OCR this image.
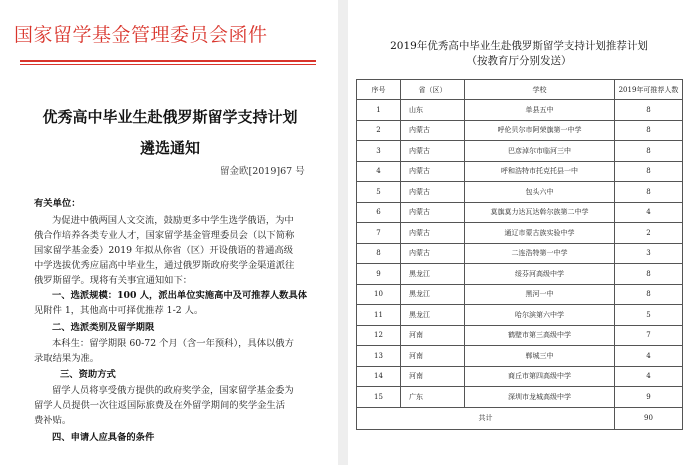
国家留学基金管理委员会函件
优秀高中毕业生赴俄罗斯留学支持计划
遴选通知
留金欧[2019]67 号
有关单位：
为促进中俄两国人文交流，鼓励更多中学生选学俄语，为中
俄合作培养各类专业人才，国家留学基金管理委员会（以下简称
国家留学基金委）2019 年拟从你省（区）开设俄语的普通高级
中学选拔优秀应届高中毕业生，通过俄罗斯政府奖学金渠道派往
俄罗斯留学。现将有关事宜通知如下：
一、选派规模：100 人，派出单位实施高中及可推荐人数具体
见附件 1，其他高中可择优推荐 1-2 人。
二、选派类别及留学期限
本科生：留学期限 60-72 个月（含一年预科），具体以俄方
录取结果为准。
三、资助方式
留学人员将享受俄方提供的政府奖学金，国家留学基金委为
留学人员提供一次往返国际旅费及在外留学期间的奖学金生活
费补贴。
四、申请人应具备的条件
2019年优秀高中毕业生赴俄罗斯留学支持计划推荐计划
（按教育厅分别发送）
序号	省（区）	学校	2019年可推荐人数
1	山东	单县五中	8
2	内蒙古	呼伦贝尔市阿荣旗第一中学	8
3	内蒙古	巴彦淖尔市临河三中	8
4	内蒙古	呼和浩特市托克托县一中	8
5	内蒙古	包头六中	8
6	内蒙古	莫旗莫力达瓦达斡尔族第二中学	4
7	内蒙古	通辽市蒙古族实验中学	2
8	内蒙古	二连浩特第一中学	3
9	黑龙江	绥芬河高级中学	8
10	黑龙江	黑河一中	8
11	黑龙江	哈尔滨第六中学	5
12	河南	鹤壁市第三高级中学	7
13	河南	郸城三中	4
14	河南	商丘市第四高级中学	4
15	广东	深圳市龙城高级中学	9
共计			90
